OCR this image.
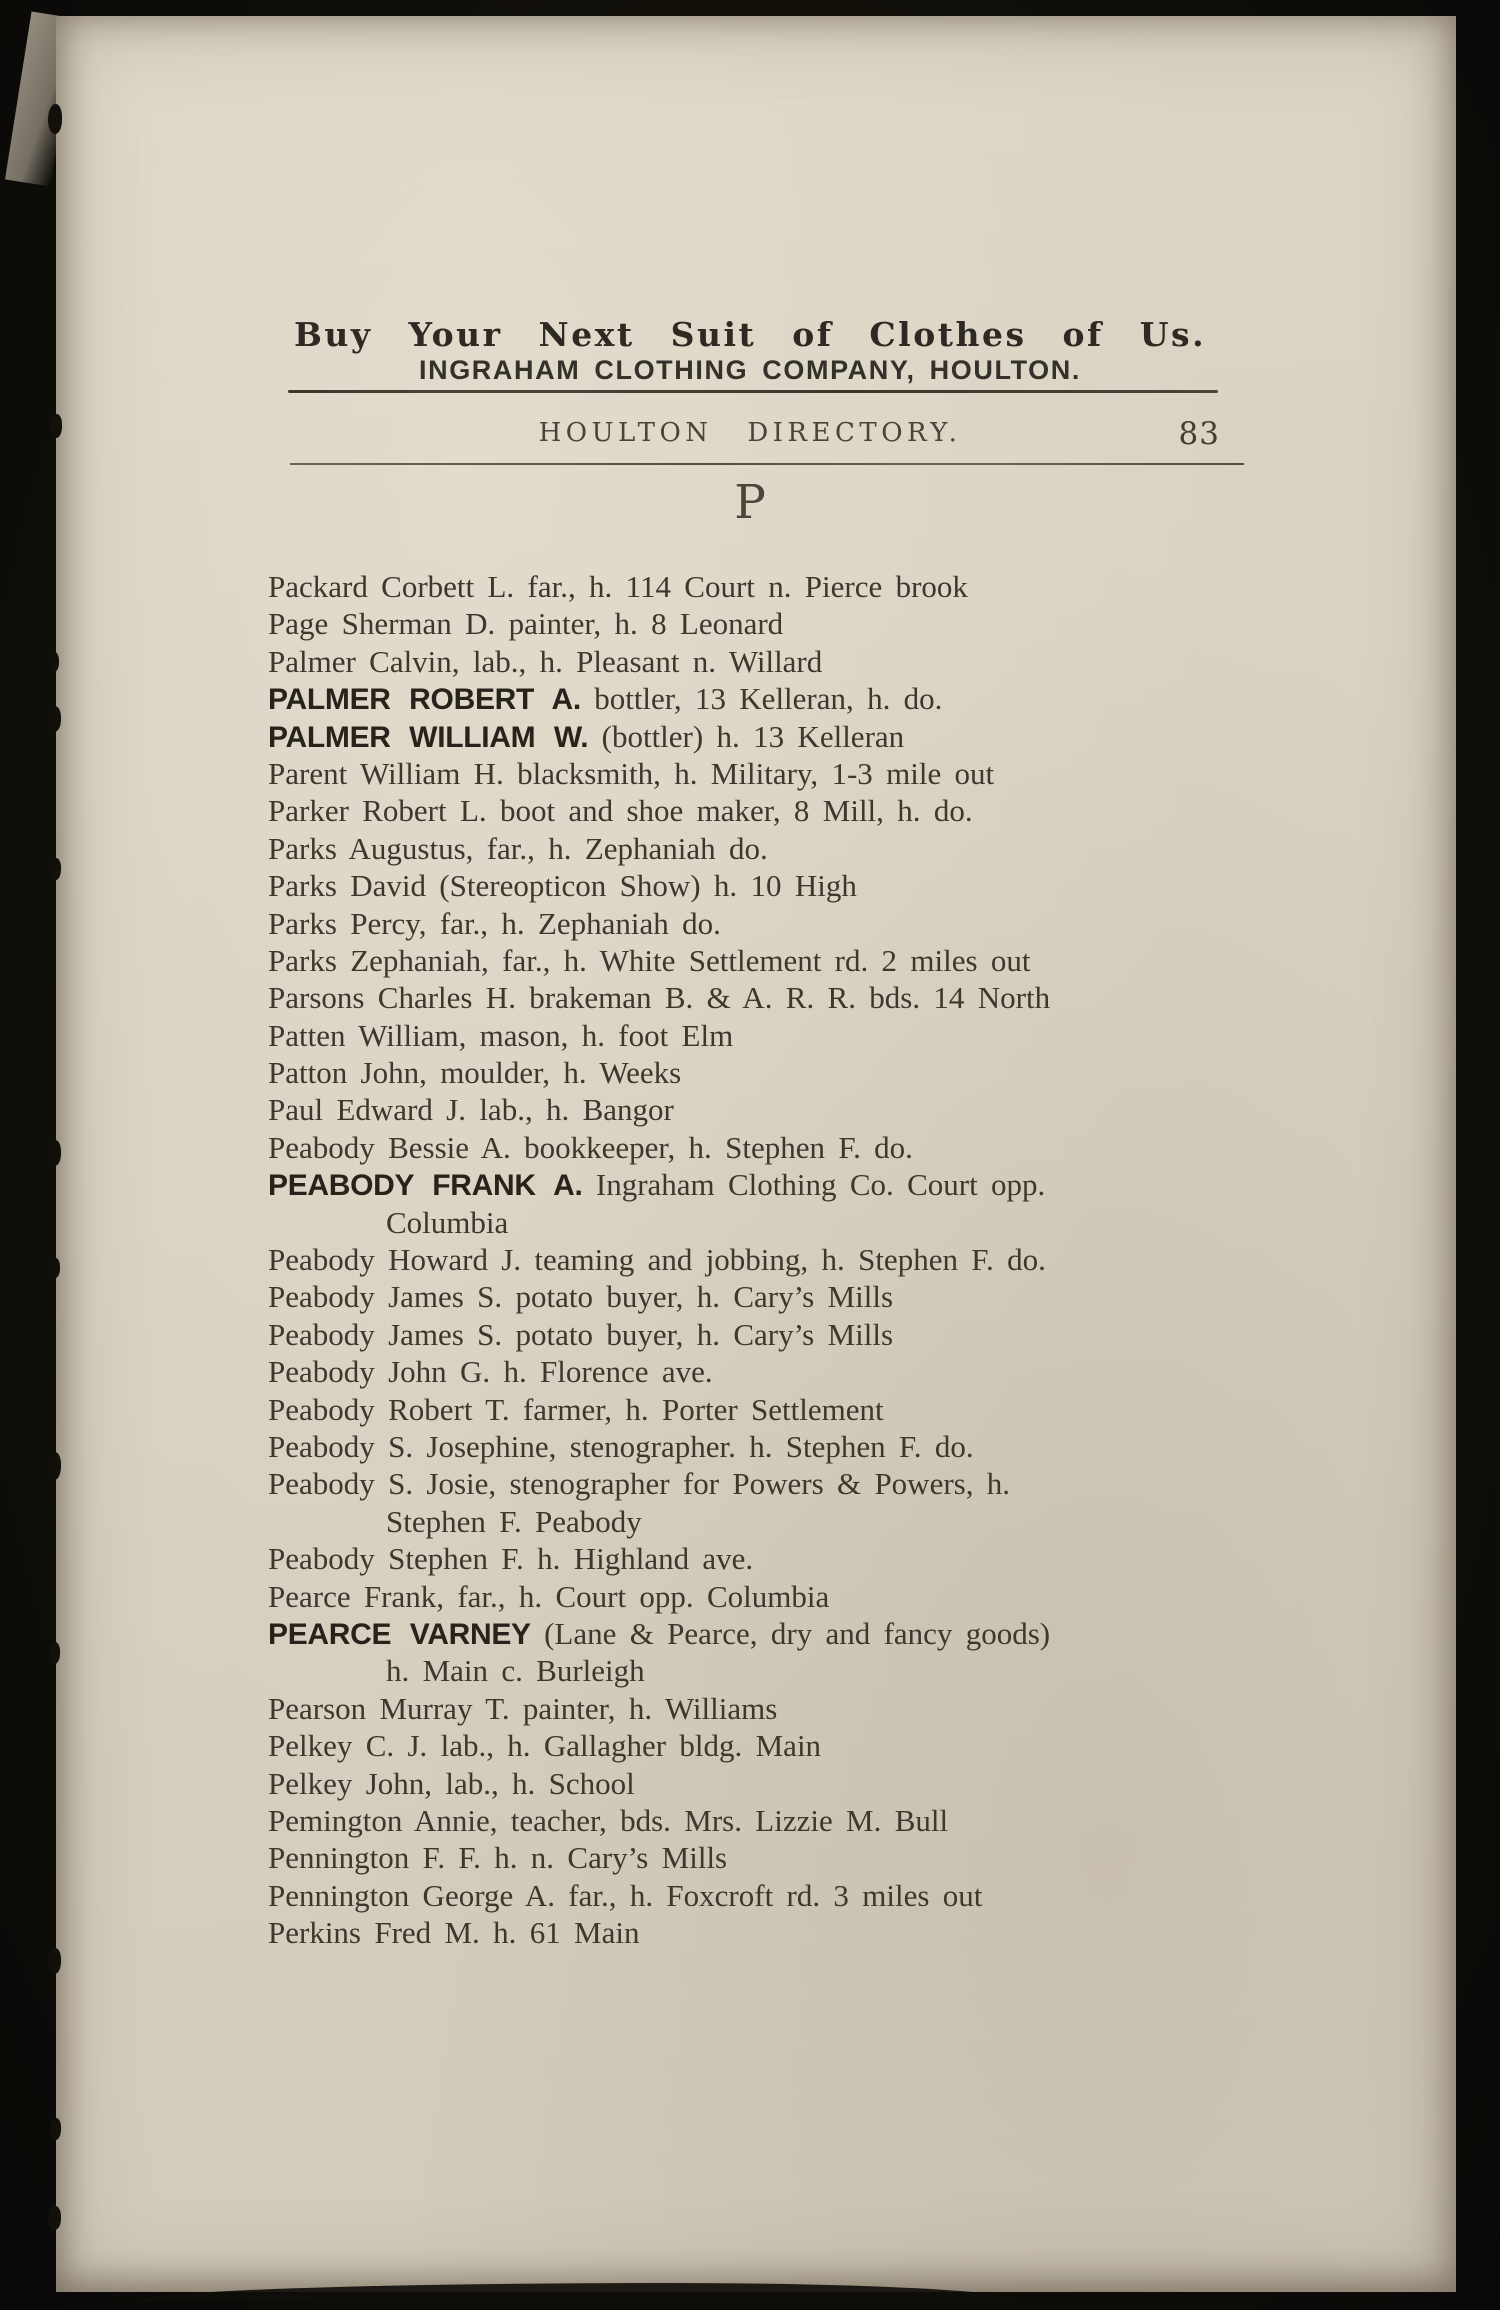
Buy Your Next Suit of Clothes of Us.
INGRAHAM CLOTHING COMPANY, HOULTON.
HOULTON DIRECTORY.	83
P
Packard Corbett L. far., h. 114 Court n. Pierce brook
Page Sherman D. painter, h. 8 Leonard
Palmer Calvin, lab., h. Pleasant n. Willard
PALMER ROBERT A. bottler, 13 Kelleran, h. do.
PALMER WILLIAM W. (bottler) h. 13 Kelleran
Parent William H. blacksmith, h. Military, 1-3 mile out
Parker Robert L. boot and shoe maker, 8 Mill, h. do.
Parks Augustus, far., h. Zephaniah do.
Parks David (Stereopticon Show) h. 10 High
Parks Percy, far., h. Zephaniah do.
Parks Zephaniah, far., h. White Settlement rd. 2 miles out
Parsons Charles H. brakeman B. & A. R. R. bds. 14 North
Patten William, mason, h. foot Elm
Patton John, moulder, h. Weeks
Paul Edward J. lab., h. Bangor
Peabody Bessie A. bookkeeper, h. Stephen F. do.
PEABODY FRANK A. Ingraham Clothing Co. Court opp.
Columbia
Peabody Howard J. teaming and jobbing, h. Stephen F. do.
Peabody James S. potato buyer, h. Cary’s Mills
Peabody James S. potato buyer, h. Cary’s Mills
Peabody John G. h. Florence ave.
Peabody Robert T. farmer, h. Porter Settlement
Peabody S. Josephine, stenographer. h. Stephen F. do.
Peabody S. Josie, stenographer for Powers & Powers, h.
Stephen F. Peabody
Peabody Stephen F. h. Highland ave.
Pearce Frank, far., h. Court opp. Columbia
PEARCE VARNEY (Lane & Pearce, dry and fancy goods)
h. Main c. Burleigh
Pearson Murray T. painter, h. Williams
Pelkey C. J. lab., h. Gallagher bldg. Main
Pelkey John, lab., h. School
Pemington Annie, teacher, bds. Mrs. Lizzie M. Bull
Pennington F. F. h. n. Cary’s Mills
Pennington George A. far., h. Foxcroft rd. 3 miles out
Perkins Fred M. h. 61 Main
